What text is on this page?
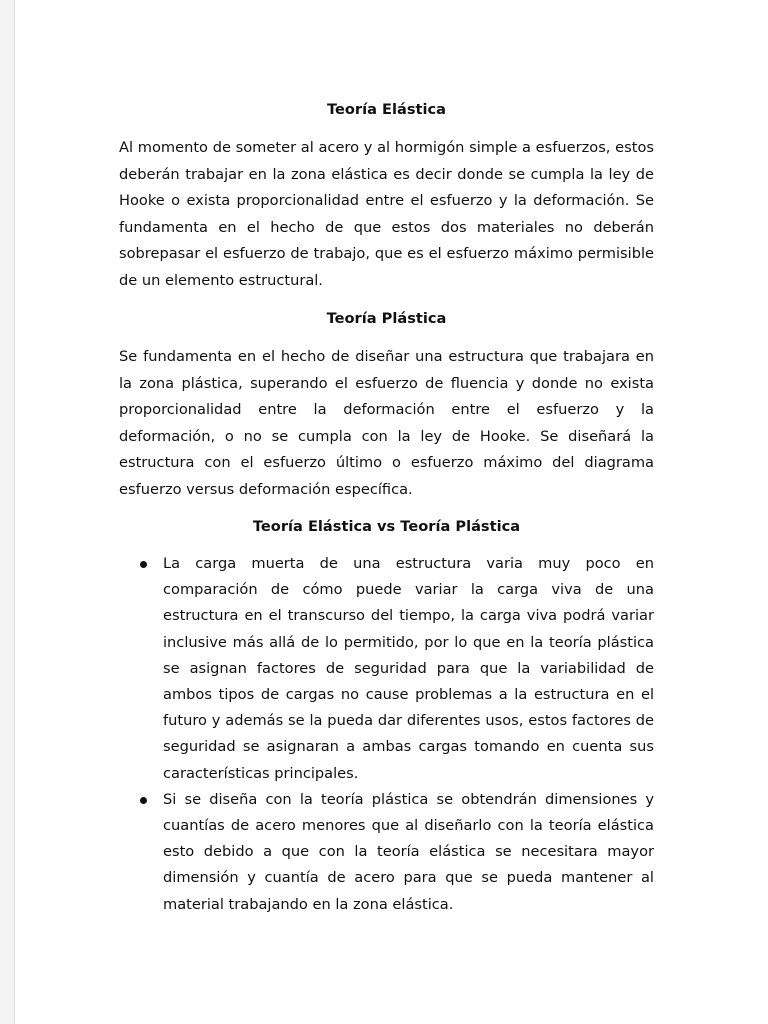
Teoría Elástica

Al momento de someter al acero y al hormigón simple a esfuerzos, estos deberán trabajar en la zona elástica es decir donde se cumpla la ley de Hooke o exista proporcionalidad entre el esfuerzo y la deformación. Se fundamenta en el hecho de que estos dos materiales no deberán sobrepasar el esfuerzo de trabajo, que es el esfuerzo máximo permisible de un elemento estructural.

Teoría Plástica

Se fundamenta en el hecho de diseñar una estructura que trabajara en la zona plástica, superando el esfuerzo de fluencia y donde no exista proporcionalidad entre la deformación entre el esfuerzo y la deformación, o no se cumpla con la ley de Hooke. Se diseñará la estructura con el esfuerzo último o esfuerzo máximo del diagrama esfuerzo versus deformación específica.

Teoría Elástica vs Teoría Plástica

La carga muerta de una estructura varia muy poco en comparación de cómo puede variar la carga viva de una estructura en el transcurso del tiempo, la carga viva podrá variar inclusive más allá de lo permitido, por lo que en la teoría plástica se asignan factores de seguridad para que la variabilidad de ambos tipos de cargas no cause problemas a la estructura en el futuro y además se la pueda dar diferentes usos, estos factores de seguridad se asignaran a ambas cargas tomando en cuenta sus características principales.

Si se diseña con la teoría plástica se obtendrán dimensiones y cuantías de acero menores que al diseñarlo con la teoría elástica esto debido a que con la teoría elástica se necesitara mayor dimensión y cuantía de acero para que se pueda mantener al material trabajando en la zona elástica.
